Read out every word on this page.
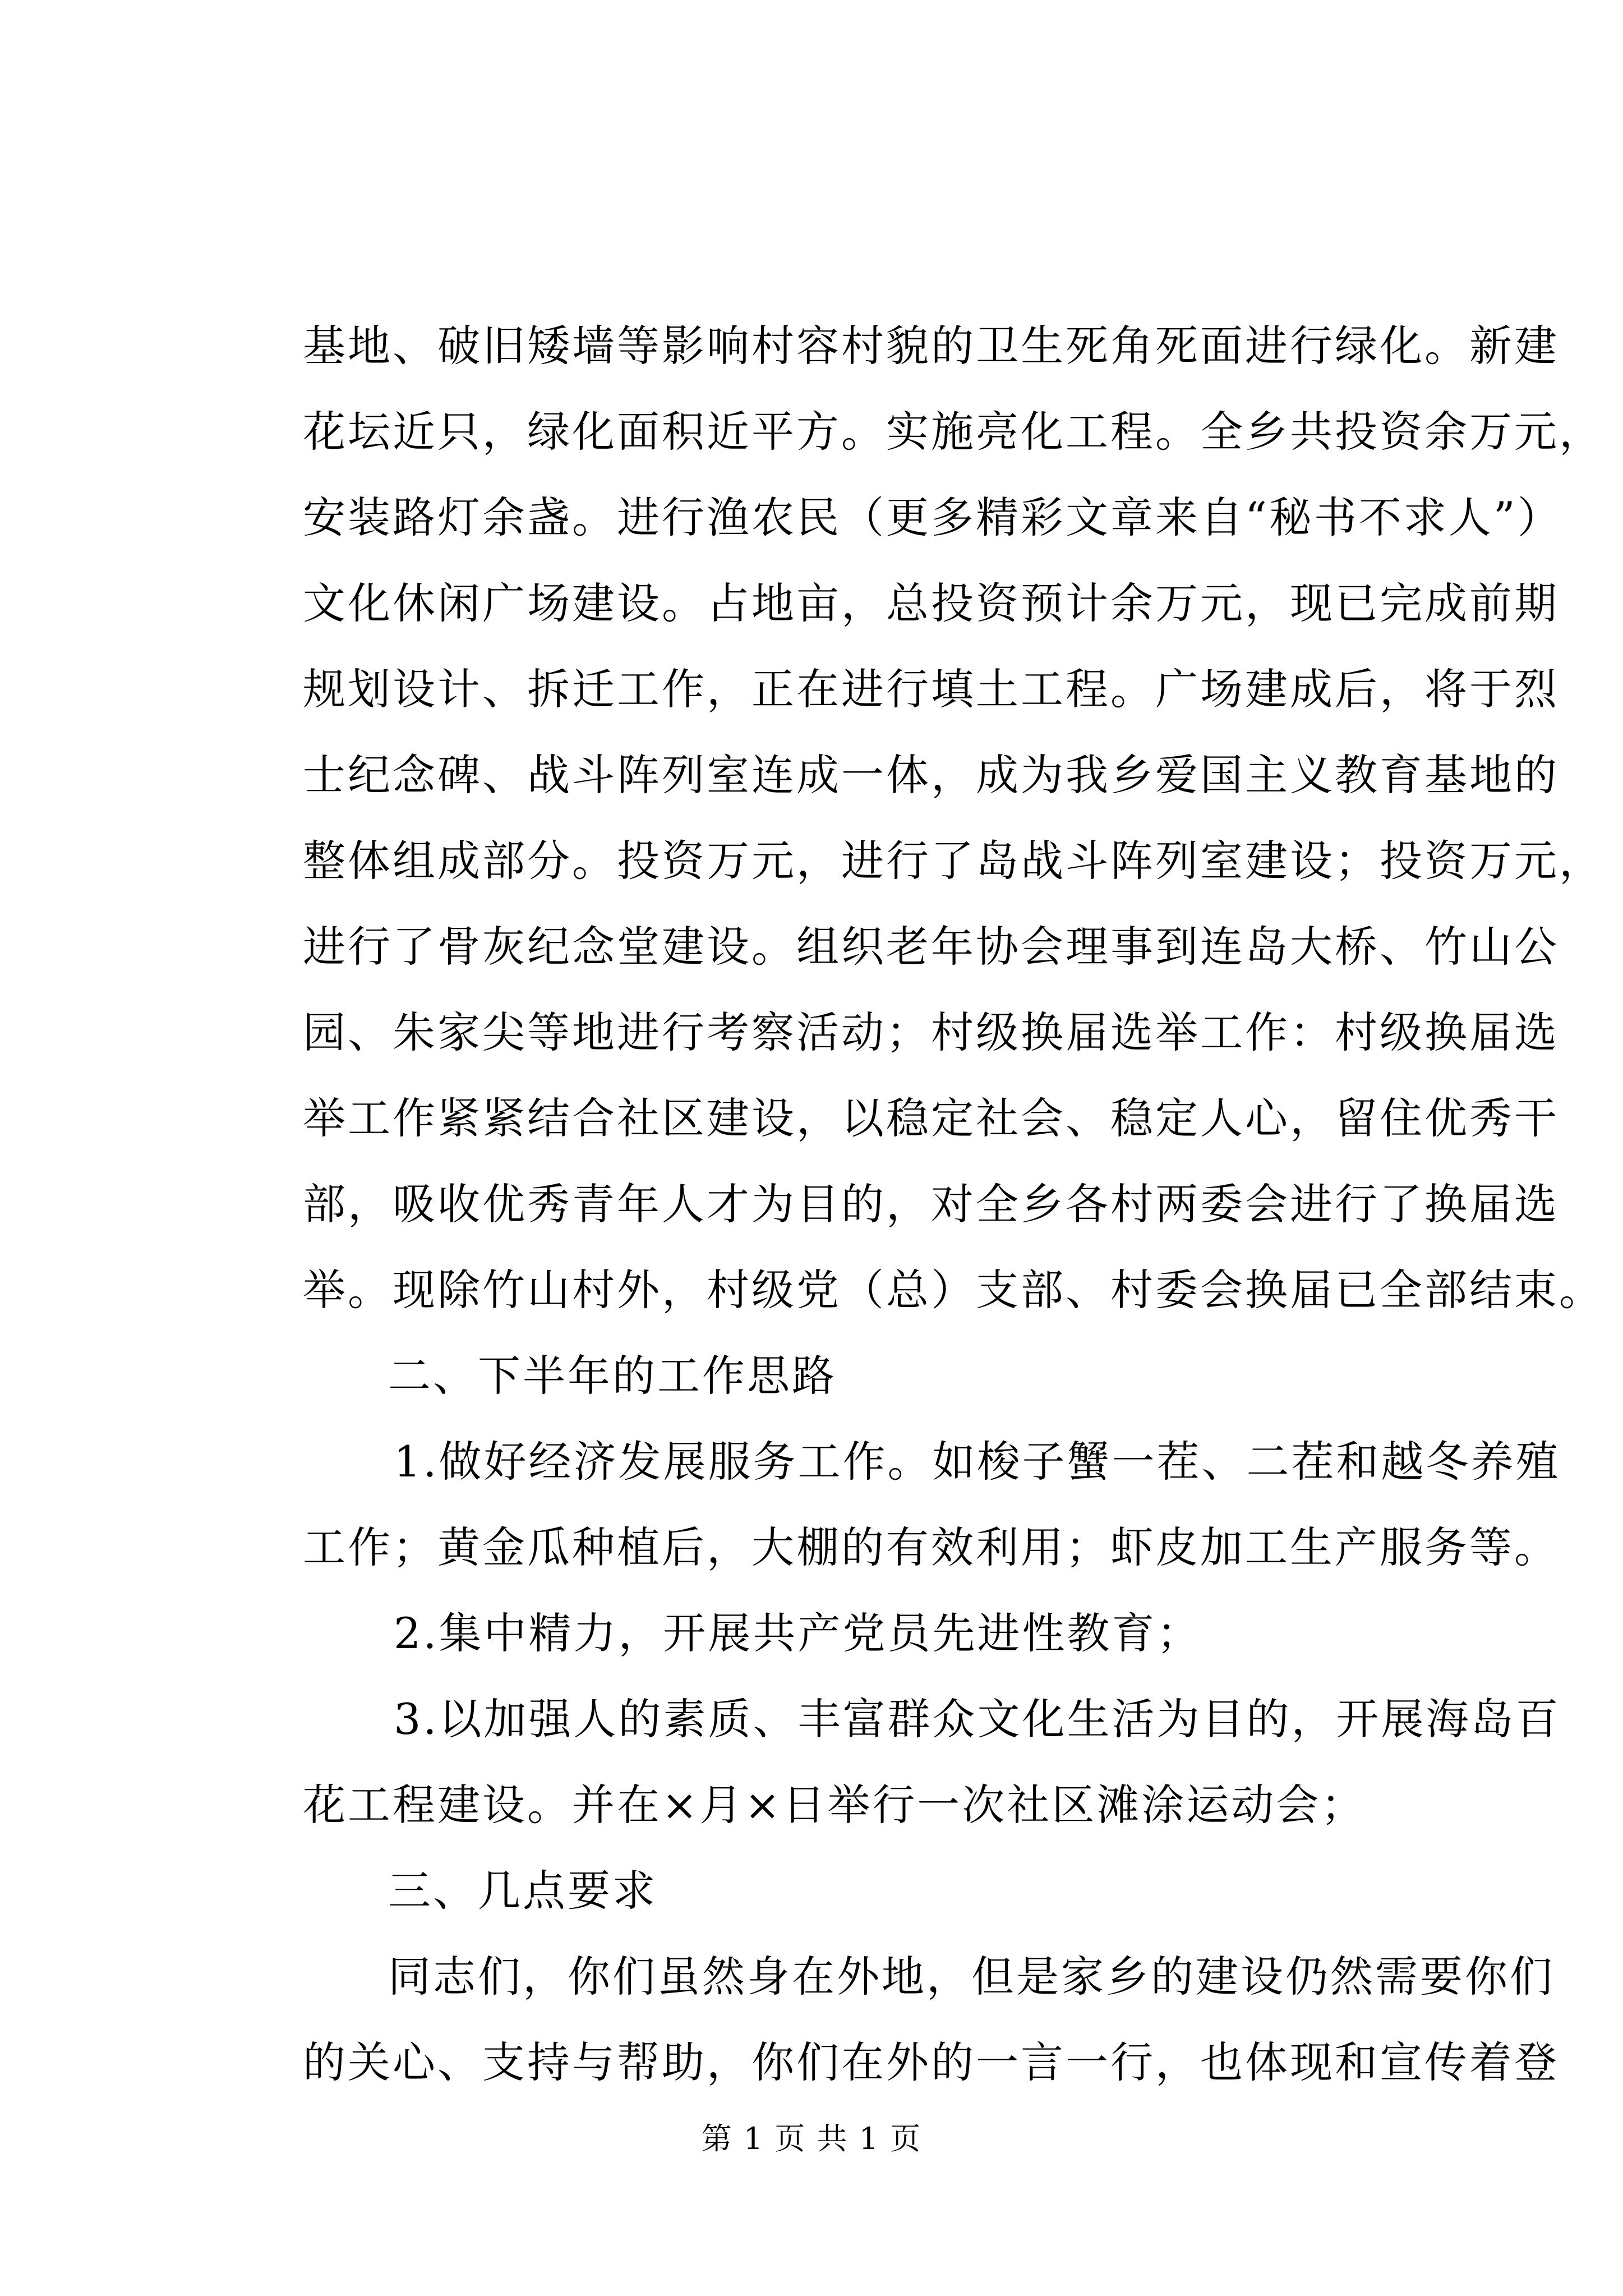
基地、破旧矮墙等影响村容村貌的卫生死角死面进行绿化。新建
花坛近只，绿化面积近平方。实施亮化工程。全乡共投资余万元，
安装路灯余盏。进行渔农民（更多精彩文章来自“秘书不求人”）
文化休闲广场建设。占地亩，总投资预计余万元，现已完成前期
规划设计、拆迁工作，正在进行填土工程。广场建成后，将于烈
士纪念碑、战斗阵列室连成一体，成为我乡爱国主义教育基地的
整体组成部分。投资万元，进行了岛战斗阵列室建设；投资万元，
进行了骨灰纪念堂建设。组织老年协会理事到连岛大桥、竹山公
园、朱家尖等地进行考察活动；村级换届选举工作：村级换届选
举工作紧紧结合社区建设，以稳定社会、稳定人心，留住优秀干
部，吸收优秀青年人才为目的，对全乡各村两委会进行了换届选
举。现除竹山村外，村级党（总）支部、村委会换届已全部结束。
二、下半年的工作思路
1.做好经济发展服务工作。如梭子蟹一茬、二茬和越冬养殖
工作；黄金瓜种植后，大棚的有效利用；虾皮加工生产服务等。
2.集中精力，开展共产党员先进性教育；
3.以加强人的素质、丰富群众文化生活为目的，开展海岛百
花工程建设。并在×月×日举行一次社区滩涂运动会；
三、几点要求
同志们，你们虽然身在外地，但是家乡的建设仍然需要你们
的关心、支持与帮助，你们在外的一言一行，也体现和宣传着登
第 1 页 共 1 页
